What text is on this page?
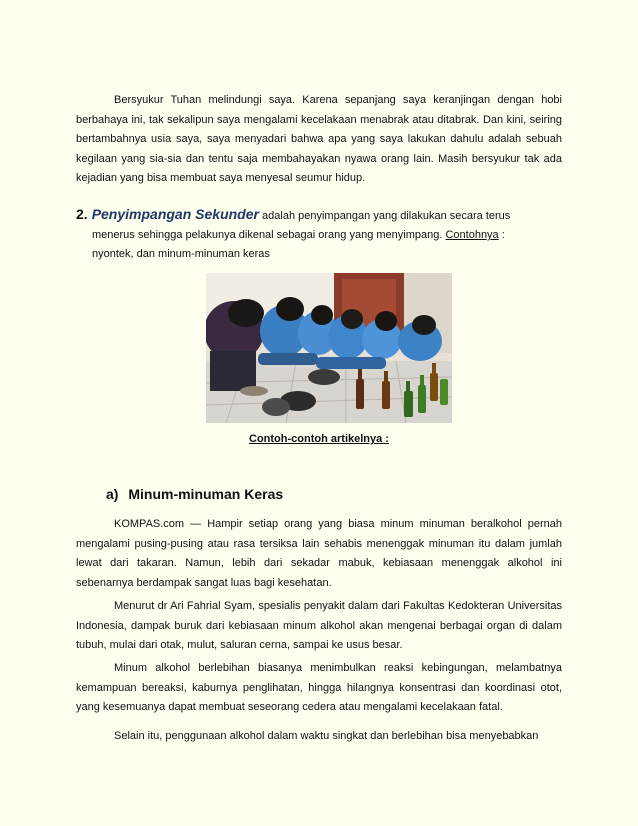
Bersyukur Tuhan melindungi saya. Karena sepanjang saya keranjingan dengan hobi berbahaya ini, tak sekalipun saya mengalami kecelakaan menabrak atau ditabrak. Dan kini, seiring bertambahnya usia saya, saya menyadari bahwa apa yang saya lakukan dahulu adalah sebuah kegilaan yang sia-sia dan tentu saja membahayakan nyawa orang lain. Masih bersyukur tak ada kejadian yang bisa membuat saya menyesal seumur hidup.

2. Penyimpangan Sekunder adalah penyimpangan yang dilakukan secara terus
menerus sehingga pelakunya dikenal sebagai orang yang menyimpang. Contohnya :
nyontek, dan minum-minuman keras
Contoh-contoh artikelnya :
a) Minum-minuman Keras

KOMPAS.com — Hampir setiap orang yang biasa minum minuman beralkohol pernah mengalami pusing-pusing atau rasa tersiksa lain sehabis menenggak minuman itu dalam jumlah lewat dari takaran. Namun, lebih dari sekadar mabuk, kebiasaan menenggak alkohol ini sebenarnya berdampak sangat luas bagi kesehatan.

Menurut dr Ari Fahrial Syam, spesialis penyakit dalam dari Fakultas Kedokteran Universitas Indonesia, dampak buruk dari kebiasaan minum alkohol akan mengenai berbagai organ di dalam tubuh, mulai dari otak, mulut, saluran cerna, sampai ke usus besar.

Minum alkohol berlebihan biasanya menimbulkan reaksi kebingungan, melambatnya kemampuan bereaksi, kaburnya penglihatan, hingga hilangnya konsentrasi dan koordinasi otot, yang kesemuanya dapat membuat seseorang cedera atau mengalami kecelakaan fatal.

Selain itu, penggunaan alkohol dalam waktu singkat dan berlebihan bisa menyebabkan
